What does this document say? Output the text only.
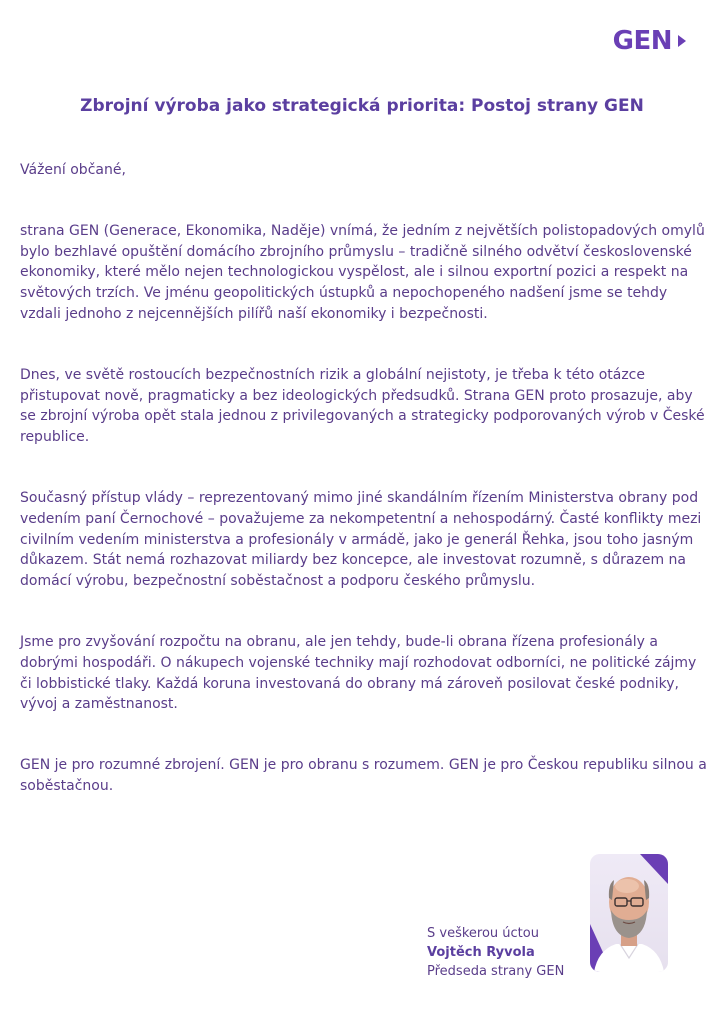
GEN
Zbrojní výroba jako strategická priorita: Postoj strany GEN

Vážení občané,

strana GEN (Generace, Ekonomika, Naděje) vnímá, že jedním z největších polistopadových omylů bylo bezhlavé opuštění domácího zbrojního průmyslu – tradičně silného odvětví československé ekonomiky, které mělo nejen technologickou vyspělost, ale i silnou exportní pozici a respekt na světových trzích. Ve jménu geopolitických ústupků a nepochopeného nadšení jsme se tehdy vzdali jednoho z nejcennějších pilířů naší ekonomiky i bezpečnosti.

Dnes, ve světě rostoucích bezpečnostních rizik a globální nejistoty, je třeba k této otázce přistupovat nově, pragmaticky a bez ideologických předsudků. Strana GEN proto prosazuje, aby se zbrojní výroba opět stala jednou z privilegovaných a strategicky podporovaných výrob v České republice.

Současný přístup vlády – reprezentovaný mimo jiné skandálním řízením Ministerstva obrany pod vedením paní Černochové – považujeme za nekompetentní a nehospodárný. Časté konflikty mezi civilním vedením ministerstva a profesionály v armádě, jako je generál Řehka, jsou toho jasným důkazem. Stát nemá rozhazovat miliardy bez koncepce, ale investovat rozumně, s důrazem na domácí výrobu, bezpečnostní soběstačnost a podporu českého průmyslu.

Jsme pro zvyšování rozpočtu na obranu, ale jen tehdy, bude-li obrana řízena profesionály a dobrými hospodáři. O nákupech vojenské techniky mají rozhodovat odborníci, ne politické zájmy či lobbistické tlaky. Každá koruna investovaná do obrany má zároveň posilovat české podniky, vývoj a zaměstnanost.

GEN je pro rozumné zbrojení. GEN je pro obranu s rozumem. GEN je pro Českou republiku silnou a soběstačnou.

S veškerou úctou
Vojtěch Ryvola
Předseda strany GEN
